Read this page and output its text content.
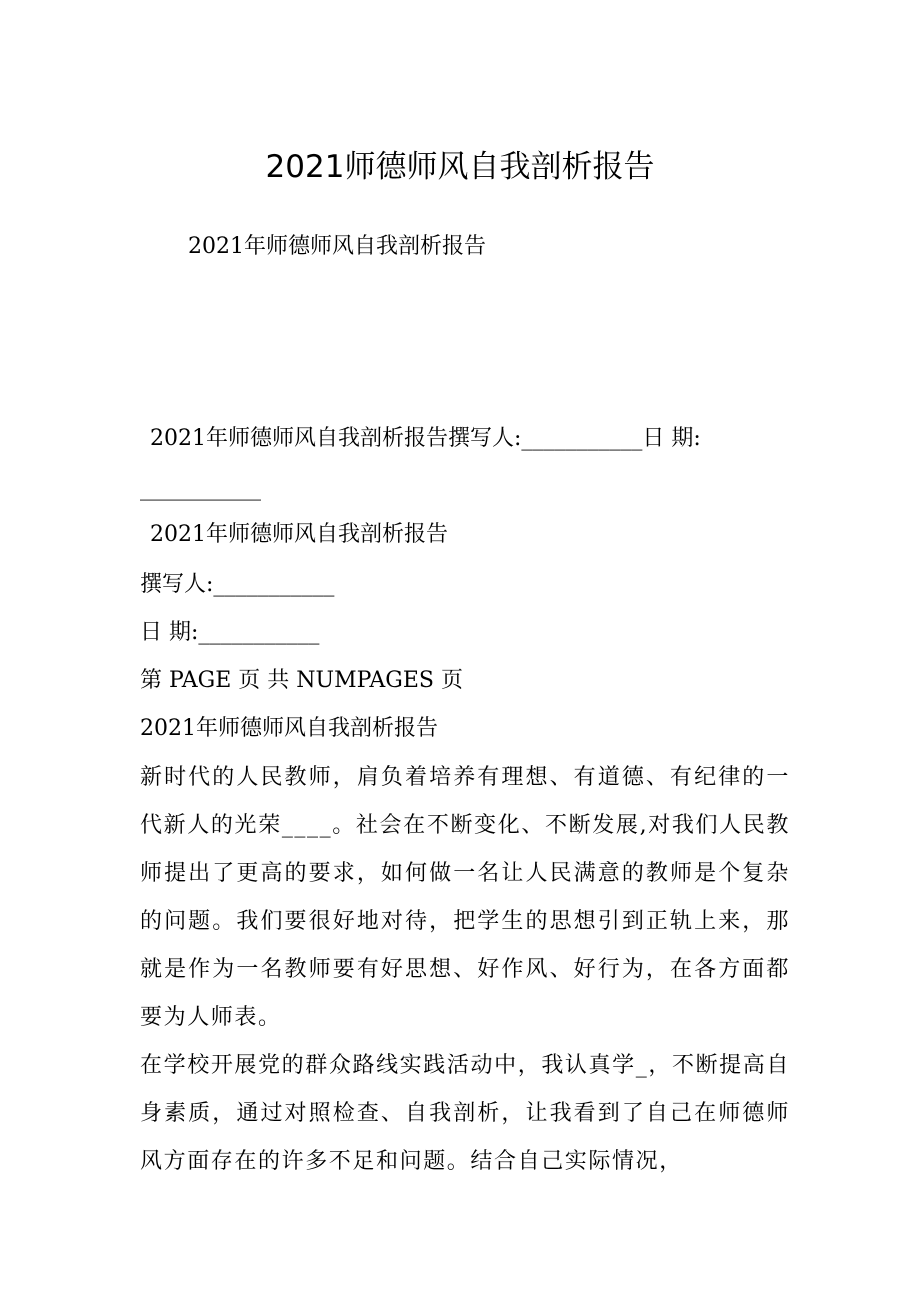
2021师德师风自我剖析报告
2021年师德师风自我剖析报告
2021年师德师风自我剖析报告撰写人:___________日 期:
___________
2021年师德师风自我剖析报告
撰写人:___________
日 期:___________
第 PAGE 页 共 NUMPAGES 页
2021年师德师风自我剖析报告

新时代的人民教师，肩负着培养有理想、有道德、有纪律的一代新人的光荣____。社会在不断变化、不断发展,对我们人民教师提出了更高的要求，如何做一名让人民满意的教师是个复杂的问题。我们要很好地对待，把学生的思想引到正轨上来，那就是作为一名教师要有好思想、好作风、好行为，在各方面都要为人师表。

在学校开展党的群众路线实践活动中，我认真学_，不断提高自身素质，通过对照检查、自我剖析，让我看到了自己在师德师风方面存在的许多不足和问题。结合自己实际情况，
